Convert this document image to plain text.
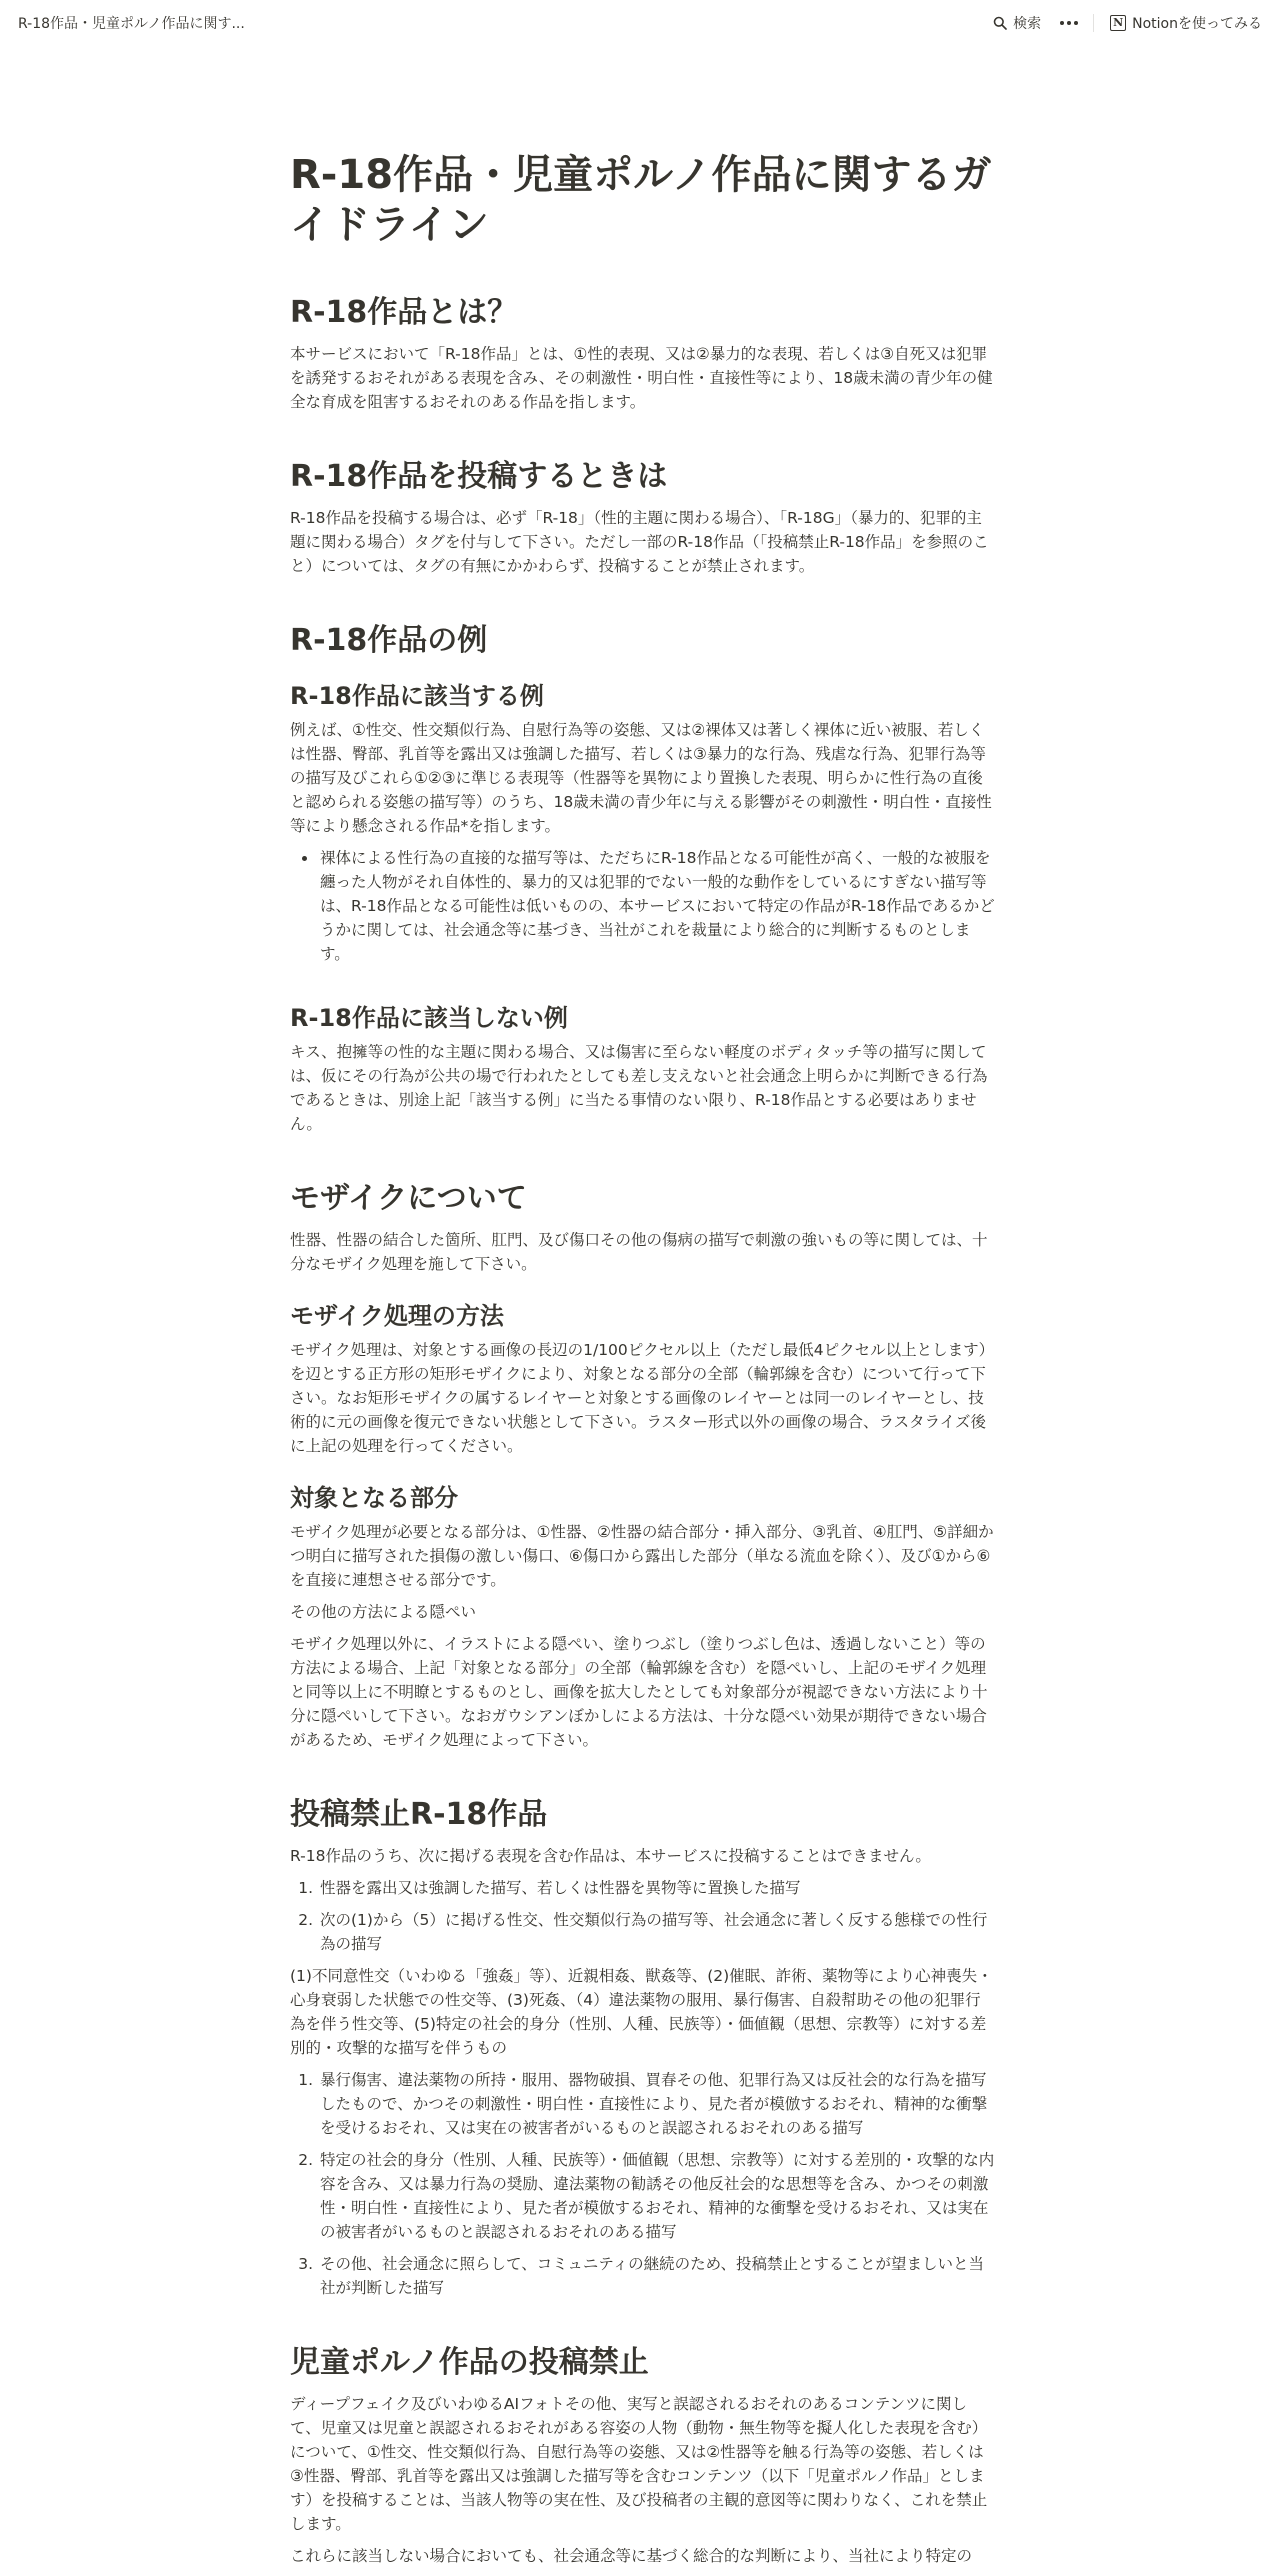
R-18作品・児童ポルノ作品に関す...	検索	N Notionを使ってみる
R-18作品・児童ポルノ作品に関するガイドライン
R-18作品とは？

本サービスにおいて「R-18作品」とは、①性的表現、又は②暴力的な表現、若しくは③自死又は犯罪を誘発するおそれがある表現を含み、その刺激性・明白性・直接性等により、18歳未満の青少年の健全な育成を阻害するおそれのある作品を指します。

R-18作品を投稿するときは

R-18作品を投稿する場合は、必ず「R-18」（性的主題に関わる場合）、「R-18G」（暴力的、犯罪的主題に関わる場合）タグを付与して下さい。ただし一部のR-18作品（「投稿禁止R-18作品」を参照のこと）については、タグの有無にかかわらず、投稿することが禁止されます。

R-18作品の例
R-18作品に該当する例

例えば、①性交、性交類似行為、自慰行為等の姿態、又は②裸体又は著しく裸体に近い被服、若しくは性器、臀部、乳首等を露出又は強調した描写、若しくは③暴力的な行為、残虐な行為、犯罪行為等の描写及びこれら①②③に準じる表現等（性器等を異物により置換した表現、明らかに性行為の直後と認められる姿態の描写等）のうち、18歳未満の青少年に与える影響がその刺激性・明白性・直接性等により懸念される作品*を指します。

• 裸体による性行為の直接的な描写等は、ただちにR-18作品となる可能性が高く、一般的な被服を纏った人物がそれ自体性的、暴力的又は犯罪的でない一般的な動作をしているにすぎない描写等は、R-18作品となる可能性は低いものの、本サービスにおいて特定の作品がR-18作品であるかどうかに関しては、社会通念等に基づき、当社がこれを裁量により総合的に判断するものとします。
R-18作品に該当しない例

キス、抱擁等の性的な主題に関わる場合、又は傷害に至らない軽度のボディタッチ等の描写に関しては、仮にその行為が公共の場で行われたとしても差し支えないと社会通念上明らかに判断できる行為であるときは、別途上記「該当する例」に当たる事情のない限り、R-18作品とする必要はありません。

モザイクについて

性器、性器の結合した箇所、肛門、及び傷口その他の傷病の描写で刺激の強いもの等に関しては、十分なモザイク処理を施して下さい。

モザイク処理の方法

モザイク処理は、対象とする画像の長辺の1/100ピクセル以上（ただし最低4ピクセル以上とします）を辺とする正方形の矩形モザイクにより、対象となる部分の全部（輪郭線を含む）について行って下さい。なお矩形モザイクの属するレイヤーと対象とする画像のレイヤーとは同一のレイヤーとし、技術的に元の画像を復元できない状態として下さい。ラスター形式以外の画像の場合、ラスタライズ後に上記の処理を行ってください。

対象となる部分

モザイク処理が必要となる部分は、①性器、②性器の結合部分・挿入部分、③乳首、④肛門、⑤詳細かつ明白に描写された損傷の激しい傷口、⑥傷口から露出した部分（単なる流血を除く）、及び①から⑥を直接に連想させる部分です。

その他の方法による隠ぺい

モザイク処理以外に、イラストによる隠ぺい、塗りつぶし（塗りつぶし色は、透過しないこと）等の方法による場合、上記「対象となる部分」の全部（輪郭線を含む）を隠ぺいし、上記のモザイク処理と同等以上に不明瞭とするものとし、画像を拡大したとしても対象部分が視認できない方法により十分に隠ぺいして下さい。なおガウシアンぼかしによる方法は、十分な隠ぺい効果が期待できない場合があるため、モザイク処理によって下さい。

投稿禁止R-18作品

R-18作品のうち、次に掲げる表現を含む作品は、本サービスに投稿することはできません。

1. 性器を露出又は強調した描写、若しくは性器を異物等に置換した描写
2. 次の(1)から（5）に掲げる性交、性交類似行為の描写等、社会通念に著しく反する態様での性行為の描写

(1)不同意性交（いわゆる「強姦」等）、近親相姦、獣姦等、(2)催眠、詐術、薬物等により心神喪失・心身衰弱した状態での性交等、(3)死姦、（4）違法薬物の服用、暴行傷害、自殺幇助その他の犯罪行為を伴う性交等、(5)特定の社会的身分（性別、人種、民族等）・価値観（思想、宗教等）に対する差別的・攻撃的な描写を伴うもの

1. 暴行傷害、違法薬物の所持・服用、器物破損、買春その他、犯罪行為又は反社会的な行為を描写したもので、かつその刺激性・明白性・直接性により、見た者が模倣するおそれ、精神的な衝撃を受けるおそれ、又は実在の被害者がいるものと誤認されるおそれのある描写
2. 特定の社会的身分（性別、人種、民族等）・価値観（思想、宗教等）に対する差別的・攻撃的な内容を含み、又は暴力行為の奨励、違法薬物の勧誘その他反社会的な思想等を含み、かつその刺激性・明白性・直接性により、見た者が模倣するおそれ、精神的な衝撃を受けるおそれ、又は実在の被害者がいるものと誤認されるおそれのある描写
3. その他、社会通念に照らして、コミュニティの継続のため、投稿禁止とすることが望ましいと当社が判断した描写
児童ポルノ作品の投稿禁止

ディープフェイク及びいわゆるAIフォトその他、実写と誤認されるおそれのあるコンテンツに関して、児童又は児童と誤認されるおそれがある容姿の人物（動物・無生物等を擬人化した表現を含む）について、①性交、性交類似行為、自慰行為等の姿態、又は②性器等を触る行為等の姿態、若しくは③性器、臀部、乳首等を露出又は強調した描写等を含むコンテンツ（以下「児童ポルノ作品」とします）を投稿することは、当該人物等の実在性、及び投稿者の主観的意図等に関わりなく、これを禁止します。

これらに該当しない場合においても、社会通念等に基づく総合的な判断により、当社により特定の
